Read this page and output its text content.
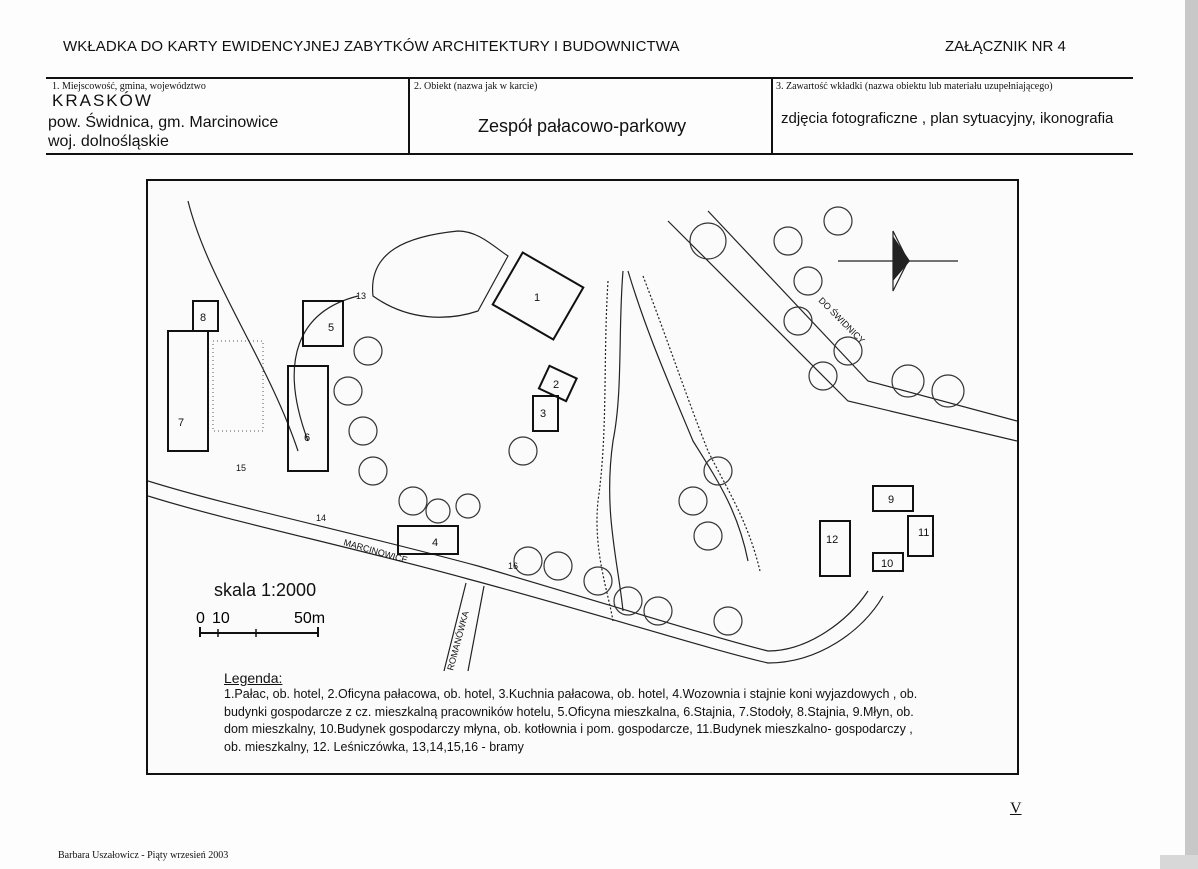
WKŁADKA DO KARTY EWIDENCYJNEJ ZABYTKÓW ARCHITEKTURY I BUDOWNICTWA	ZAŁĄCZNIK NR 4
1. Miejscowość, gmina, województwo
KRASKÓW
pow. Świdnica, gm. Marcinowice
woj. dolnośląskie
2. Obiekt (nazwa jak w karcie)
Zespół pałacowo-parkowy
3. Zawartość wkładki (nazwa obiektu lub materiału uzupełniającego)
zdjęcia fotograficzne , plan sytuacyjny, ikonografia
1
2
3
4
5
6
7
8
9
10
11
12
13
14
15
16
MARCINOWICE
ROMANÓWKA
DO ŚWIDNICY
skala 1:2000
0 10	50m
Legenda:
1.Pałac, ob. hotel, 2.Oficyna pałacowa, ob. hotel, 3.Kuchnia pałacowa, ob. hotel, 4.Wozownia i stajnie koni wyjazdowych , ob.
budynki gospodarcze z cz. mieszkalną pracowników hotelu, 5.Oficyna mieszkalna, 6.Stajnia, 7.Stodoły, 8.Stajnia, 9.Młyn, ob.
dom mieszkalny, 10.Budynek gospodarczy młyna, ob. kotłownia i pom. gospodarcze, 11.Budynek mieszkalno- gospodarczy ,
ob. mieszkalny, 12. Leśniczówka, 13,14,15,16 - bramy
V
Barbara Uszałowicz - Piąty wrzesień 2003
